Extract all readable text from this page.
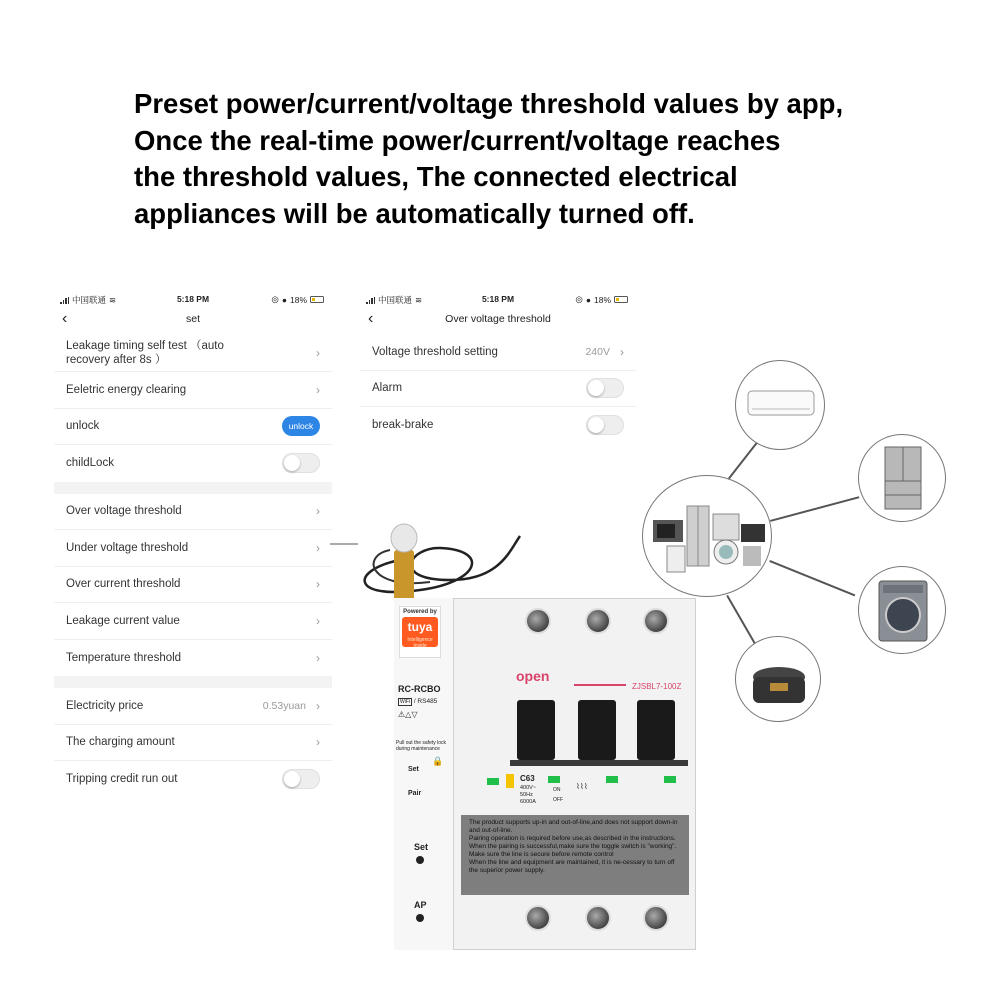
Preset power/current/voltage threshold values by app,
Once the real-time power/current/voltage reaches
the threshold values, The connected electrical
appliances will be automatically turned off.
中国联通 ≋	5:18 PM	◎ ● 18%
‹	set
Leakage timing self test （auto recovery after 8s ）	›
Eeletric energy clearing	›
unlock	unlock
childLock
Over voltage threshold	›
Under voltage threshold	›
Over current threshold	›
Leakage current value	›
Temperature threshold	›
Electricity price	0.53yuan ›
The charging amount	›
Tripping credit run out
中国联通 ≋	5:18 PM	◎ ● 18%
‹	Over voltage threshold
Voltage threshold setting	240V ›
Alarm
break-brake
Powered by
tuya
Intelligence Inside
RC-RCBO
WiFi / RS485
⚠△▽
Pull out the safety lock during maintenance
🔒
Set
Pair
Set
AP
open
ZJSBL7-100Z
C63
400V~
50Hz
6000A
ON
OFF
⌇⌇⌇
The product supports up-in and out-of-line,and does not support down-in and out-of-line.
Pairing operation is required before use,as described in the instructions.
When the pairing is successful,make sure the toggle switch is "working".
Make sure the line is secure before remote control
When the line and equipment are maintained, it is ne-cessary to turn off the superior power supply.
